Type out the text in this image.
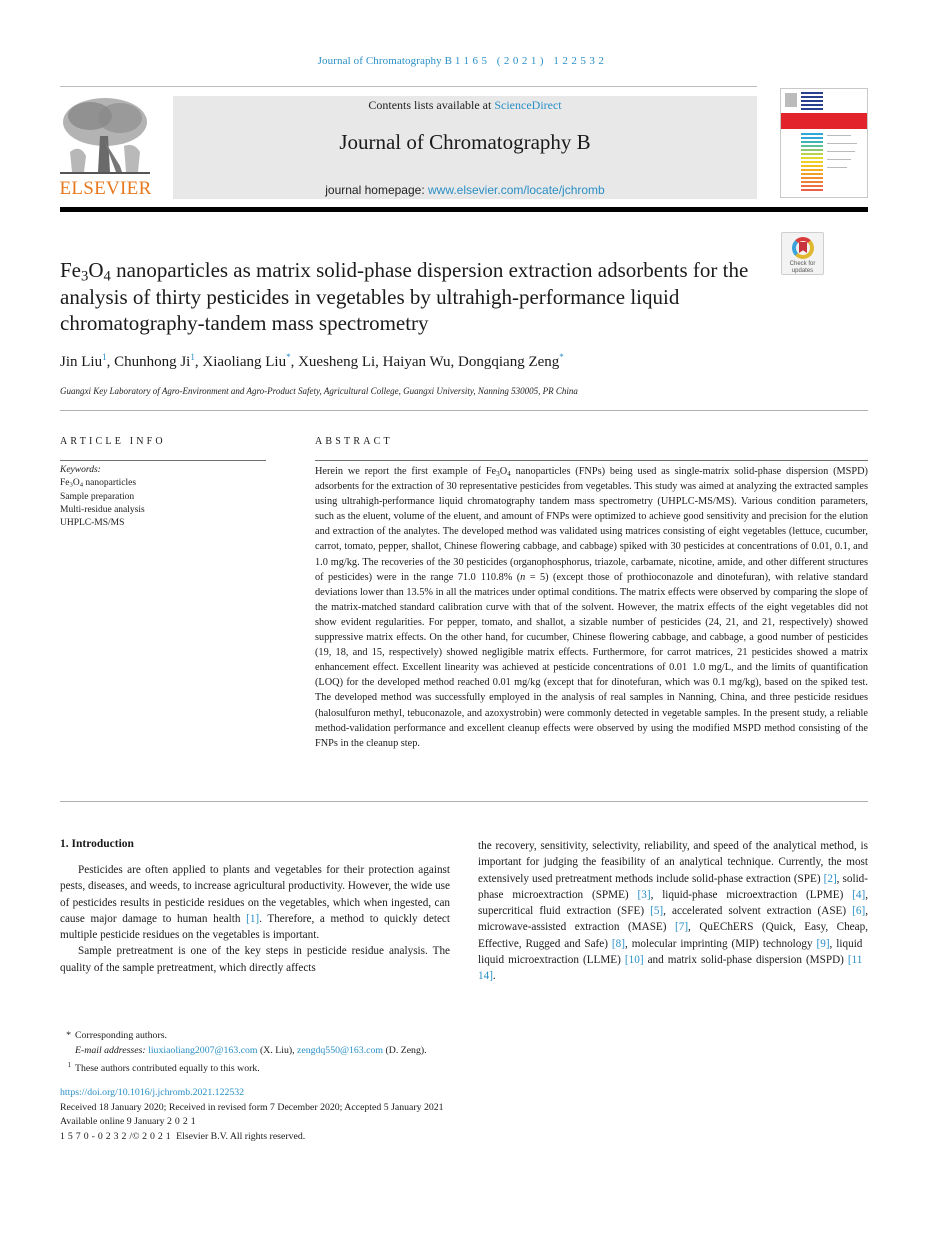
Journal of Chromatography B 1165 (2021) 122532
ELSEVIER
Contents lists available at ScienceDirect
Journal of Chromatography B
journal homepage: www.elsevier.com/locate/jchromb
Check for updates
$Fe_3O_4$ nanoparticles as matrix solid-phase dispersion extraction adsorbents for the analysis of thirty pesticides in vegetables by ultrahigh-performance liquid chromatography-tandem mass spectrometry
Jin Liu$^1$, Chunhong Ji$^1$, Xiaoliang Liu*, Xuesheng Li, Haiyan Wu, Dongqiang Zeng*
Guangxi Key Laboratory of Agro-Environment and Agro-Product Safety, Agricultural College, Guangxi University, Nanning 530005, PR China
ARTICLE INFO
Keywords:
$Fe_3O_4$ nanoparticles
Sample preparation
Multi-residue analysis
UHPLC-MS/MS
ABSTRACT
Herein we report the first example of $Fe_3O_4$ nanoparticles (FNPs) being used as single-matrix solid-phase dispersion (MSPD) adsorbents for the extraction of 30 representative pesticides from vegetables. This study was aimed at analyzing the extracted samples using ultrahigh-performance liquid chromatography tandem mass spectrometry (UHPLC-MS/MS). Various condition parameters, such as the eluent, volume of the eluent, and amount of FNPs were optimized to achieve good sensitivity and precision for the elution and extraction of the analytes. The developed method was validated using matrices consisting of eight vegetables (lettuce, cucumber, carrot, tomato, pepper, shallot, Chinese flowering cabbage, and cabbage) spiked with 30 pesticides at concentrations of 0.01, 0.1, and 1.0 mg/kg. The recoveries of the 30 pesticides (organophosphorus, triazole, carbamate, nicotine, amide, and other different structures of pesticides) were in the range 71.0 110.8% (n = 5) (except those of prothioconazole and dinotefuran), with relative standard deviations lower than 13.5% in all the matrices under optimal conditions. The matrix effects were observed by comparing the slope of the matrix-matched standard calibration curve with that of the solvent. However, the matrix effects of the eight vegetables did not show evident regularities. For pepper, tomato, and shallot, a sizable number of pesticides (24, 21, and 21, respectively) showed suppressive matrix effects. On the other hand, for cucumber, Chinese flowering cabbage, and cabbage, a good number of pesticides (19, 18, and 15, respectively) showed negligible matrix effects. Furthermore, for carrot matrices, 21 pesticides showed a matrix enhancement effect. Excellent linearity was achieved at pesticide concentrations of 0.01 1.0 mg/L, and the limits of quantification (LOQ) for the developed method reached 0.01 mg/kg (except that for dinotefuran, which was 0.1 mg/kg), based on the spiked test. The developed method was successfully employed in the analysis of real samples in Nanning, China, and three pesticide residues (halosulfuron methyl, tebuconazole, and azoxystrobin) were commonly detected in vegetable samples. In the present study, a reliable method-validation performance and excellent cleanup effects were observed by using the modified MSPD method consisting of the FNPs in the cleanup step.
1. Introduction

Pesticides are often applied to plants and vegetables for their protection against pests, diseases, and weeds, to increase agricultural productivity. However, the wide use of pesticides results in pesticide residues on the vegetables, which when ingested, can cause major damage to human health [1]. Therefore, a method to quickly detect multiple pesticide residues on the vegetables is important.

Sample pretreatment is one of the key steps in pesticide residue analysis. The quality of the sample pretreatment, which directly affects

the recovery, sensitivity, selectivity, reliability, and speed of the analytical method, is important for judging the feasibility of an analytical technique. Currently, the most extensively used pretreatment methods include solid-phase extraction (SPE) [2], solid-phase microextraction (SPME) [3], liquid-phase microextraction (LPME) [4], supercritical fluid extraction (SFE) [5], accelerated solvent extraction (ASE) [6], microwave-assisted extraction (MASE) [7], QuEChERS (Quick, Easy, Cheap, Effective, Rugged and Safe) [8], molecular imprinting (MIP) technology [9], liquid liquid microextraction (LLME) [10] and matrix solid-phase dispersion (MSPD) [11 14].

* Corresponding authors.
E-mail addresses: liuxiaoliang2007@163.com (X. Liu), zengdq550@163.com (D. Zeng).
1 These authors contributed equally to this work.
https://doi.org/10.1016/j.jchromb.2021.122532
Received 18 January 2020; Received in revised form 7 December 2020; Accepted 5 January 2021
Available online 9 January 2021
1570-0232/© 2021 Elsevier B.V. All rights reserved.
